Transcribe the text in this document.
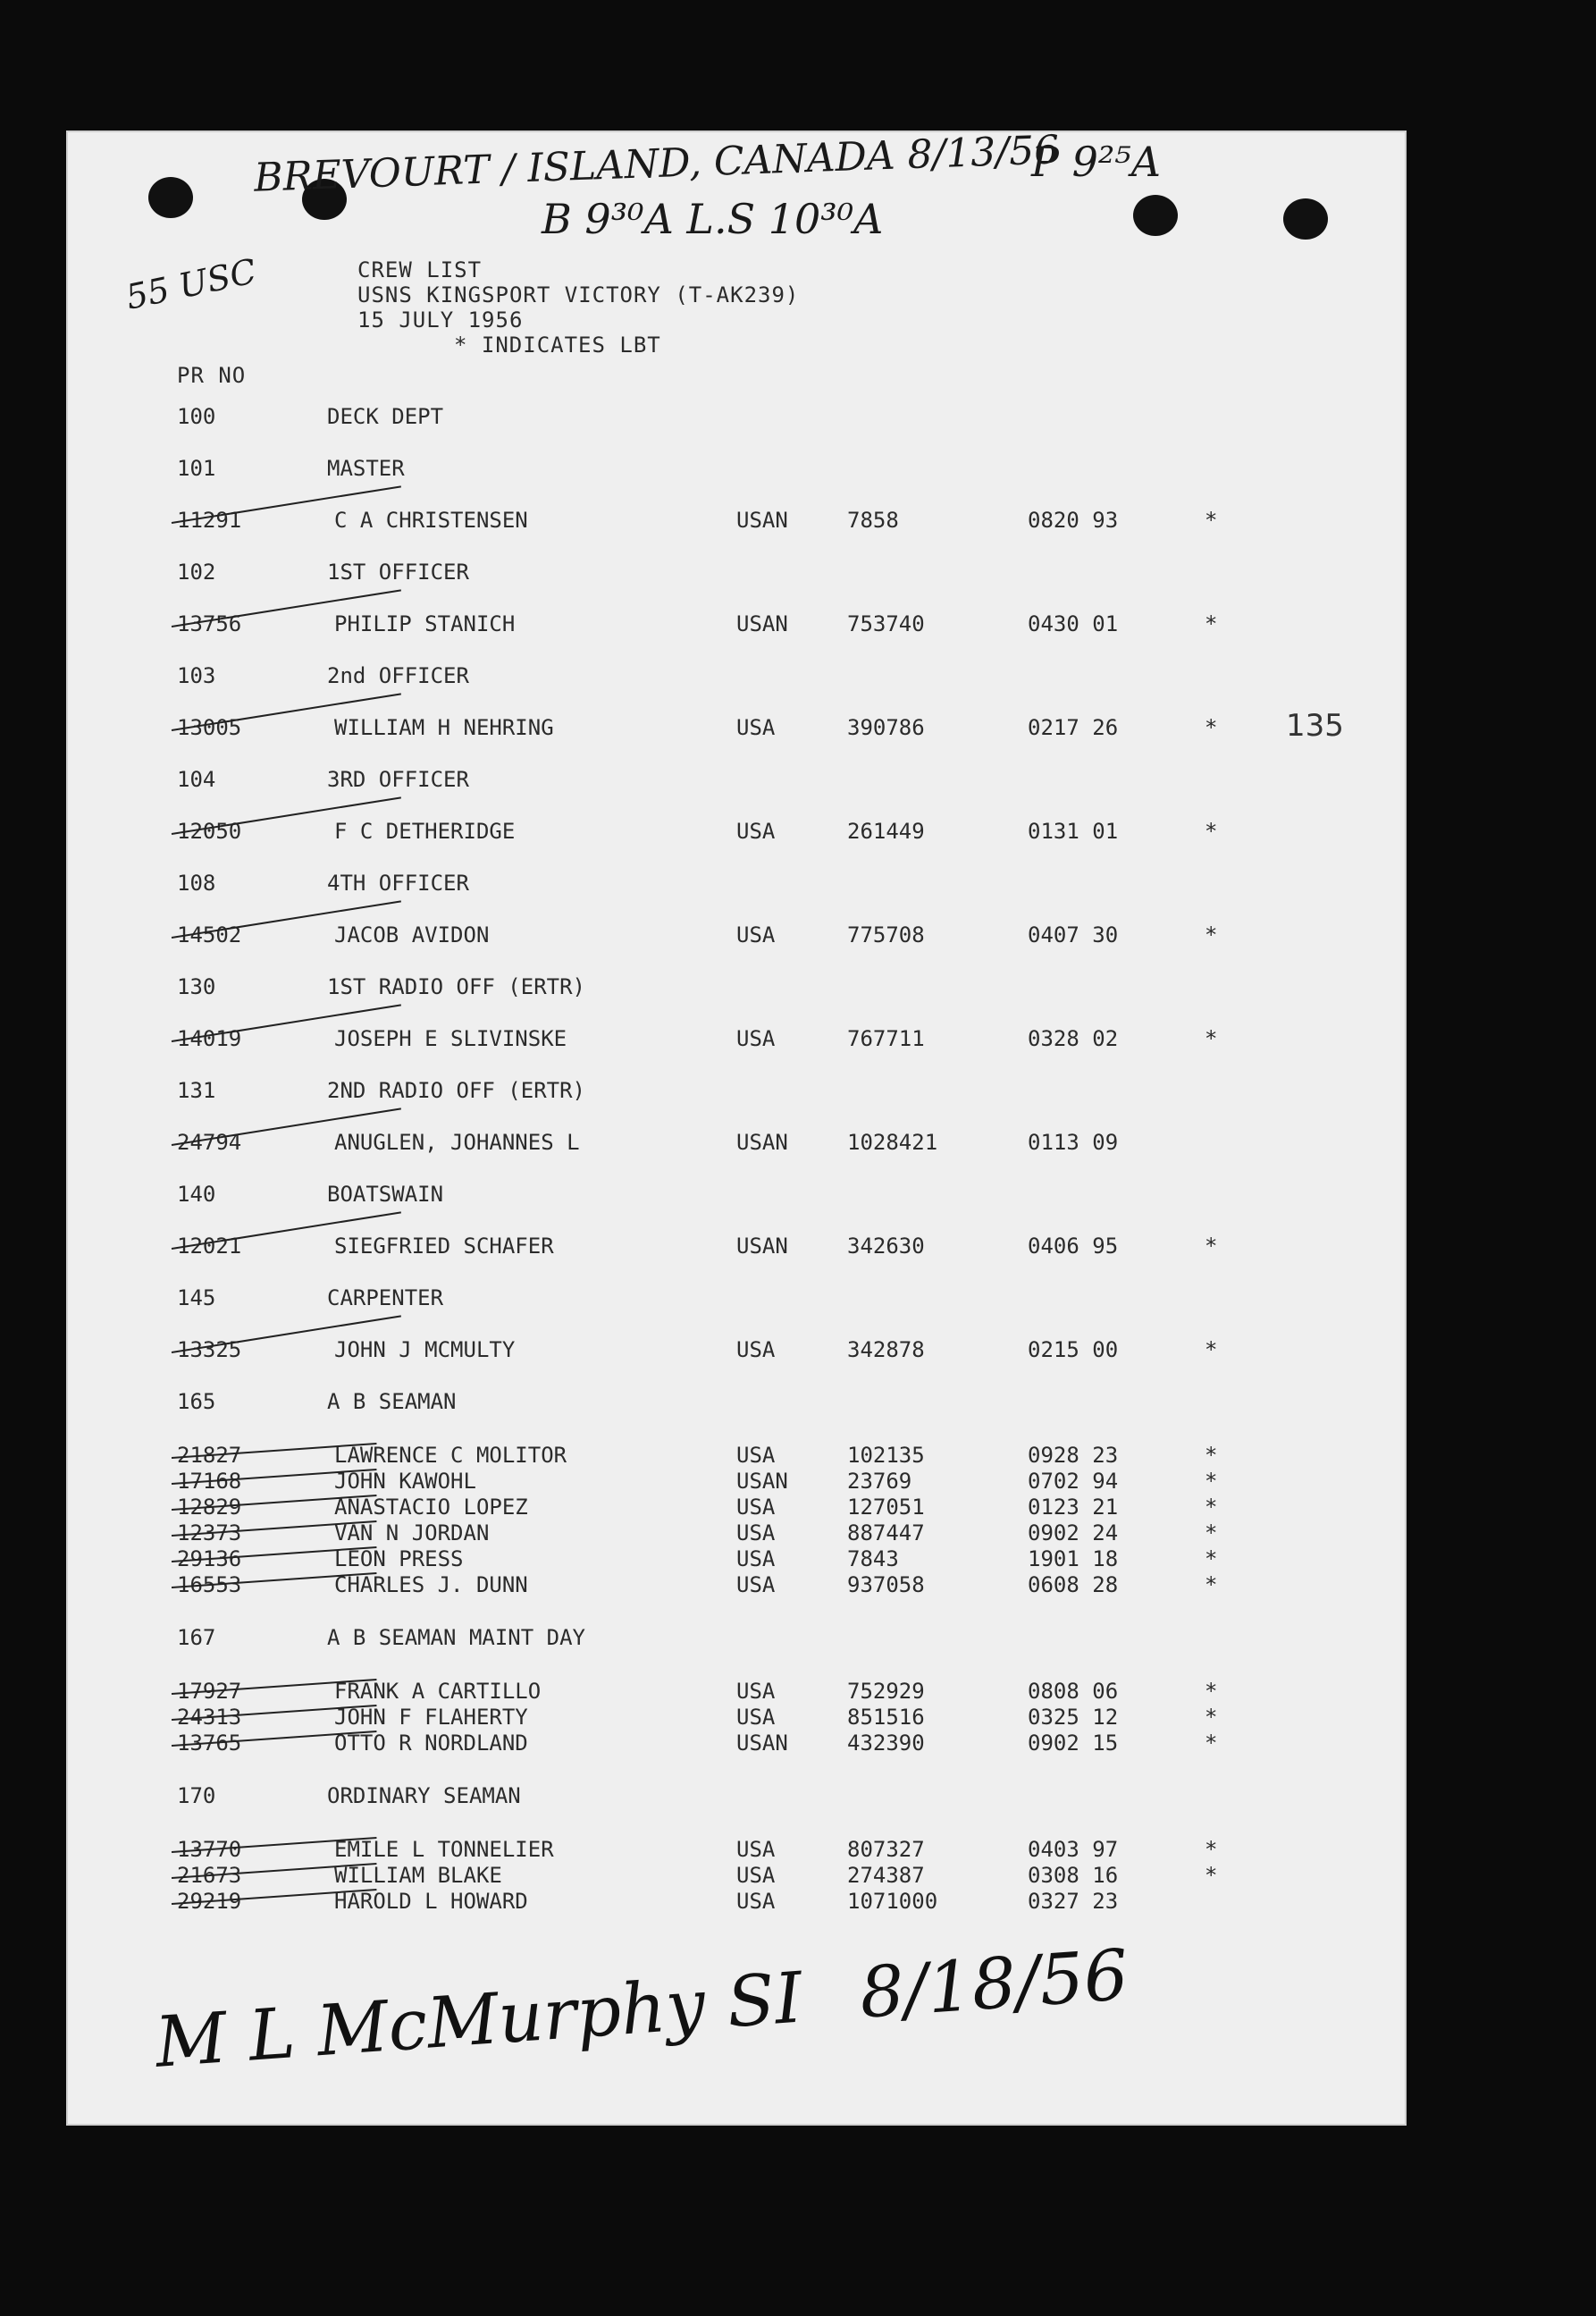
BREVOURT / ISLAND, CANADA 8/13/56
P 9²⁵A
B 9³⁰A L.S 10³⁰A
55 USC	CREW LIST
USNS KINGSPORT VICTORY (T-AK239)
15 JULY 1956
* INDICATES LBT
PR NO
135
100	DECK DEPT
101	MASTER
11291	C A CHRISTENSEN	USAN	7858	0820 93	*
102	1ST OFFICER
13756	PHILIP STANICH	USAN	753740	0430 01	*
103	2nd OFFICER
13005	WILLIAM H NEHRING	USA	390786	0217 26	*
104	3RD OFFICER
12050	F C DETHERIDGE	USA	261449	0131 01	*
108	4TH OFFICER
14502	JACOB AVIDON	USA	775708	0407 30	*
130	1ST RADIO OFF (ERTR)
14019	JOSEPH E SLIVINSKE	USA	767711	0328 02	*
131	2ND RADIO OFF (ERTR)
24794	ANUGLEN, JOHANNES L	USAN	1028421	0113 09
140	BOATSWAIN
12021	SIEGFRIED SCHAFER	USAN	342630	0406 95	*
145	CARPENTER
13325	JOHN J MCMULTY	USA	342878	0215 00	*
165	A B SEAMAN
21827	LAWRENCE C MOLITOR	USA	102135	0928 23	*
17168	JOHN KAWOHL	USAN	23769	0702 94	*
12829	ANASTACIO LOPEZ	USA	127051	0123 21	*
12373	VAN N JORDAN	USA	887447	0902 24	*
29136	LEON PRESS	USA	7843	1901 18	*
16553	CHARLES J. DUNN	USA	937058	0608 28	*
167	A B SEAMAN MAINT DAY
17927	FRANK A CARTILLO	USA	752929	0808 06	*
24313	JOHN F FLAHERTY	USA	851516	0325 12	*
13765	OTTO R NORDLAND	USAN	432390	0902 15	*
170	ORDINARY SEAMAN
13770	EMILE L TONNELIER	USA	807327	0403 97	*
21673	WILLIAM BLAKE	USA	274387	0308 16	*
29219	HAROLD L HOWARD	USA	1071000	0327 23
M L McMurphy SI 8/18/56
